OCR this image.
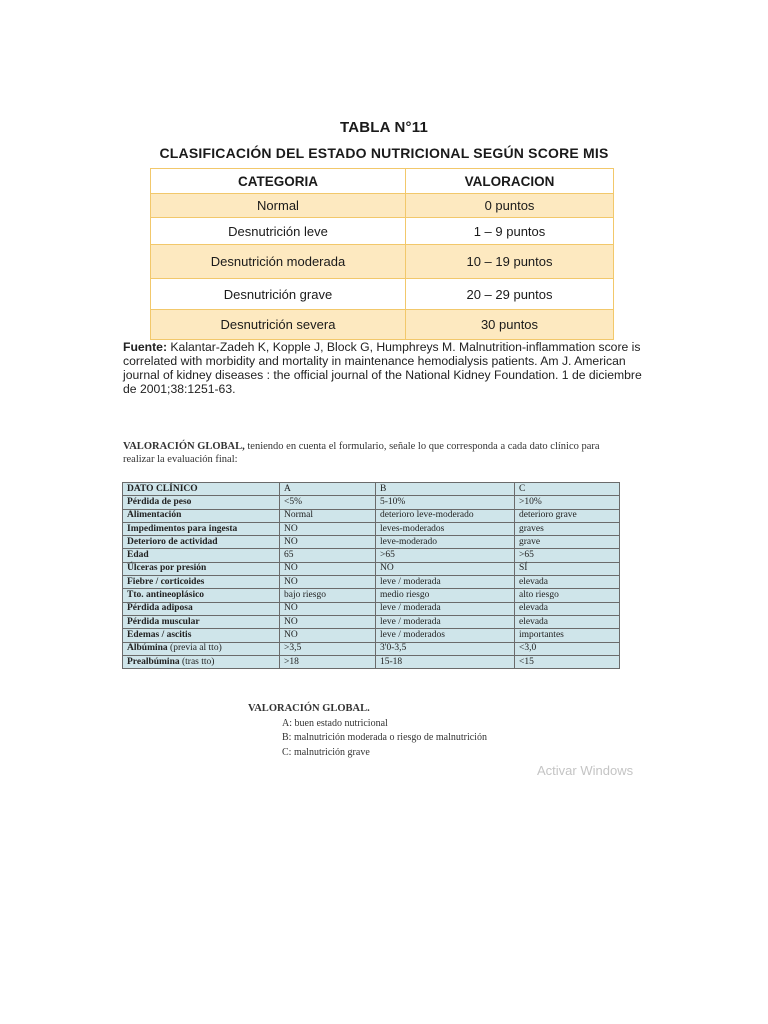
TABLA N°11
CLASIFICACIÓN DEL ESTADO NUTRICIONAL SEGÚN SCORE MIS
CATEGORIA	VALORACION
Normal	0 puntos
Desnutrición leve	1 – 9 puntos
Desnutrición moderada	10 – 19 puntos
Desnutrición grave	20 – 29 puntos
Desnutrición severa	30 puntos
Fuente: Kalantar-Zadeh K, Kopple J, Block G, Humphreys M. Malnutrition-inflammation score is correlated with morbidity and mortality in maintenance hemodialysis patients. Am J. American journal of kidney diseases : the official journal of the National Kidney Foundation. 1 de diciembre de 2001;38:1251-63.
VALORACIÓN GLOBAL, teniendo en cuenta el formulario, señale lo que corresponda a cada dato clínico para realizar la evaluación final:
DATO CLÍNICO	A	B	C
Pérdida de peso	<5%	5-10%	>10%
Alimentación	Normal	deterioro leve-moderado	deterioro grave
Impedimentos para ingesta	NO	leves-moderados	graves
Deterioro de actividad	NO	leve-moderado	grave
Edad	65	>65	>65
Úlceras por presión	NO	NO	SÍ
Fiebre / corticoides	NO	leve / moderada	elevada
Tto. antineoplásico	bajo riesgo	medio riesgo	alto riesgo
Pérdida adiposa	NO	leve / moderada	elevada
Pérdida muscular	NO	leve / moderada	elevada
Edemas / ascitis	NO	leve / moderados	importantes
Albúmina (previa al tto)	>3,5	3'0-3,5	<3,0
Prealbúmina (tras tto)	>18	15-18	<15
VALORACIÓN GLOBAL.
A: buen estado nutricional
B: malnutrición moderada o riesgo de malnutrición
C: malnutrición grave
Activar Windows
